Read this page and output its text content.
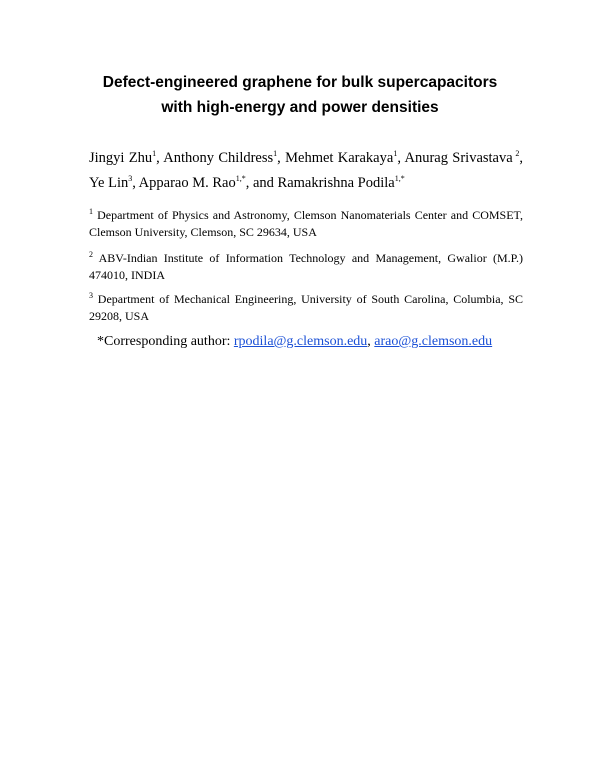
Defect-engineered graphene for bulk supercapacitors
with high-energy and power densities

Jingyi Zhu$^1$, Anthony Childress$^1$, Mehmet Karakaya$^1$, Anurag Srivastava $^2$,
Ye Lin$^3$, Apparao M. Rao$^{1,*}$, and Ramakrishna Podila$^{1,*}$

$^1$ Department of Physics and Astronomy, Clemson Nanomaterials Center and COMSET,
Clemson University, Clemson, SC 29634, USA

$^2$ ABV-Indian Institute of Information Technology and Management, Gwalior (M.P.)
474010, INDIA

$^3$ Department of Mechanical Engineering, University of South Carolina, Columbia, SC
29208, USA

*Corresponding author: rpodila@g.clemson.edu, arao@g.clemson.edu
